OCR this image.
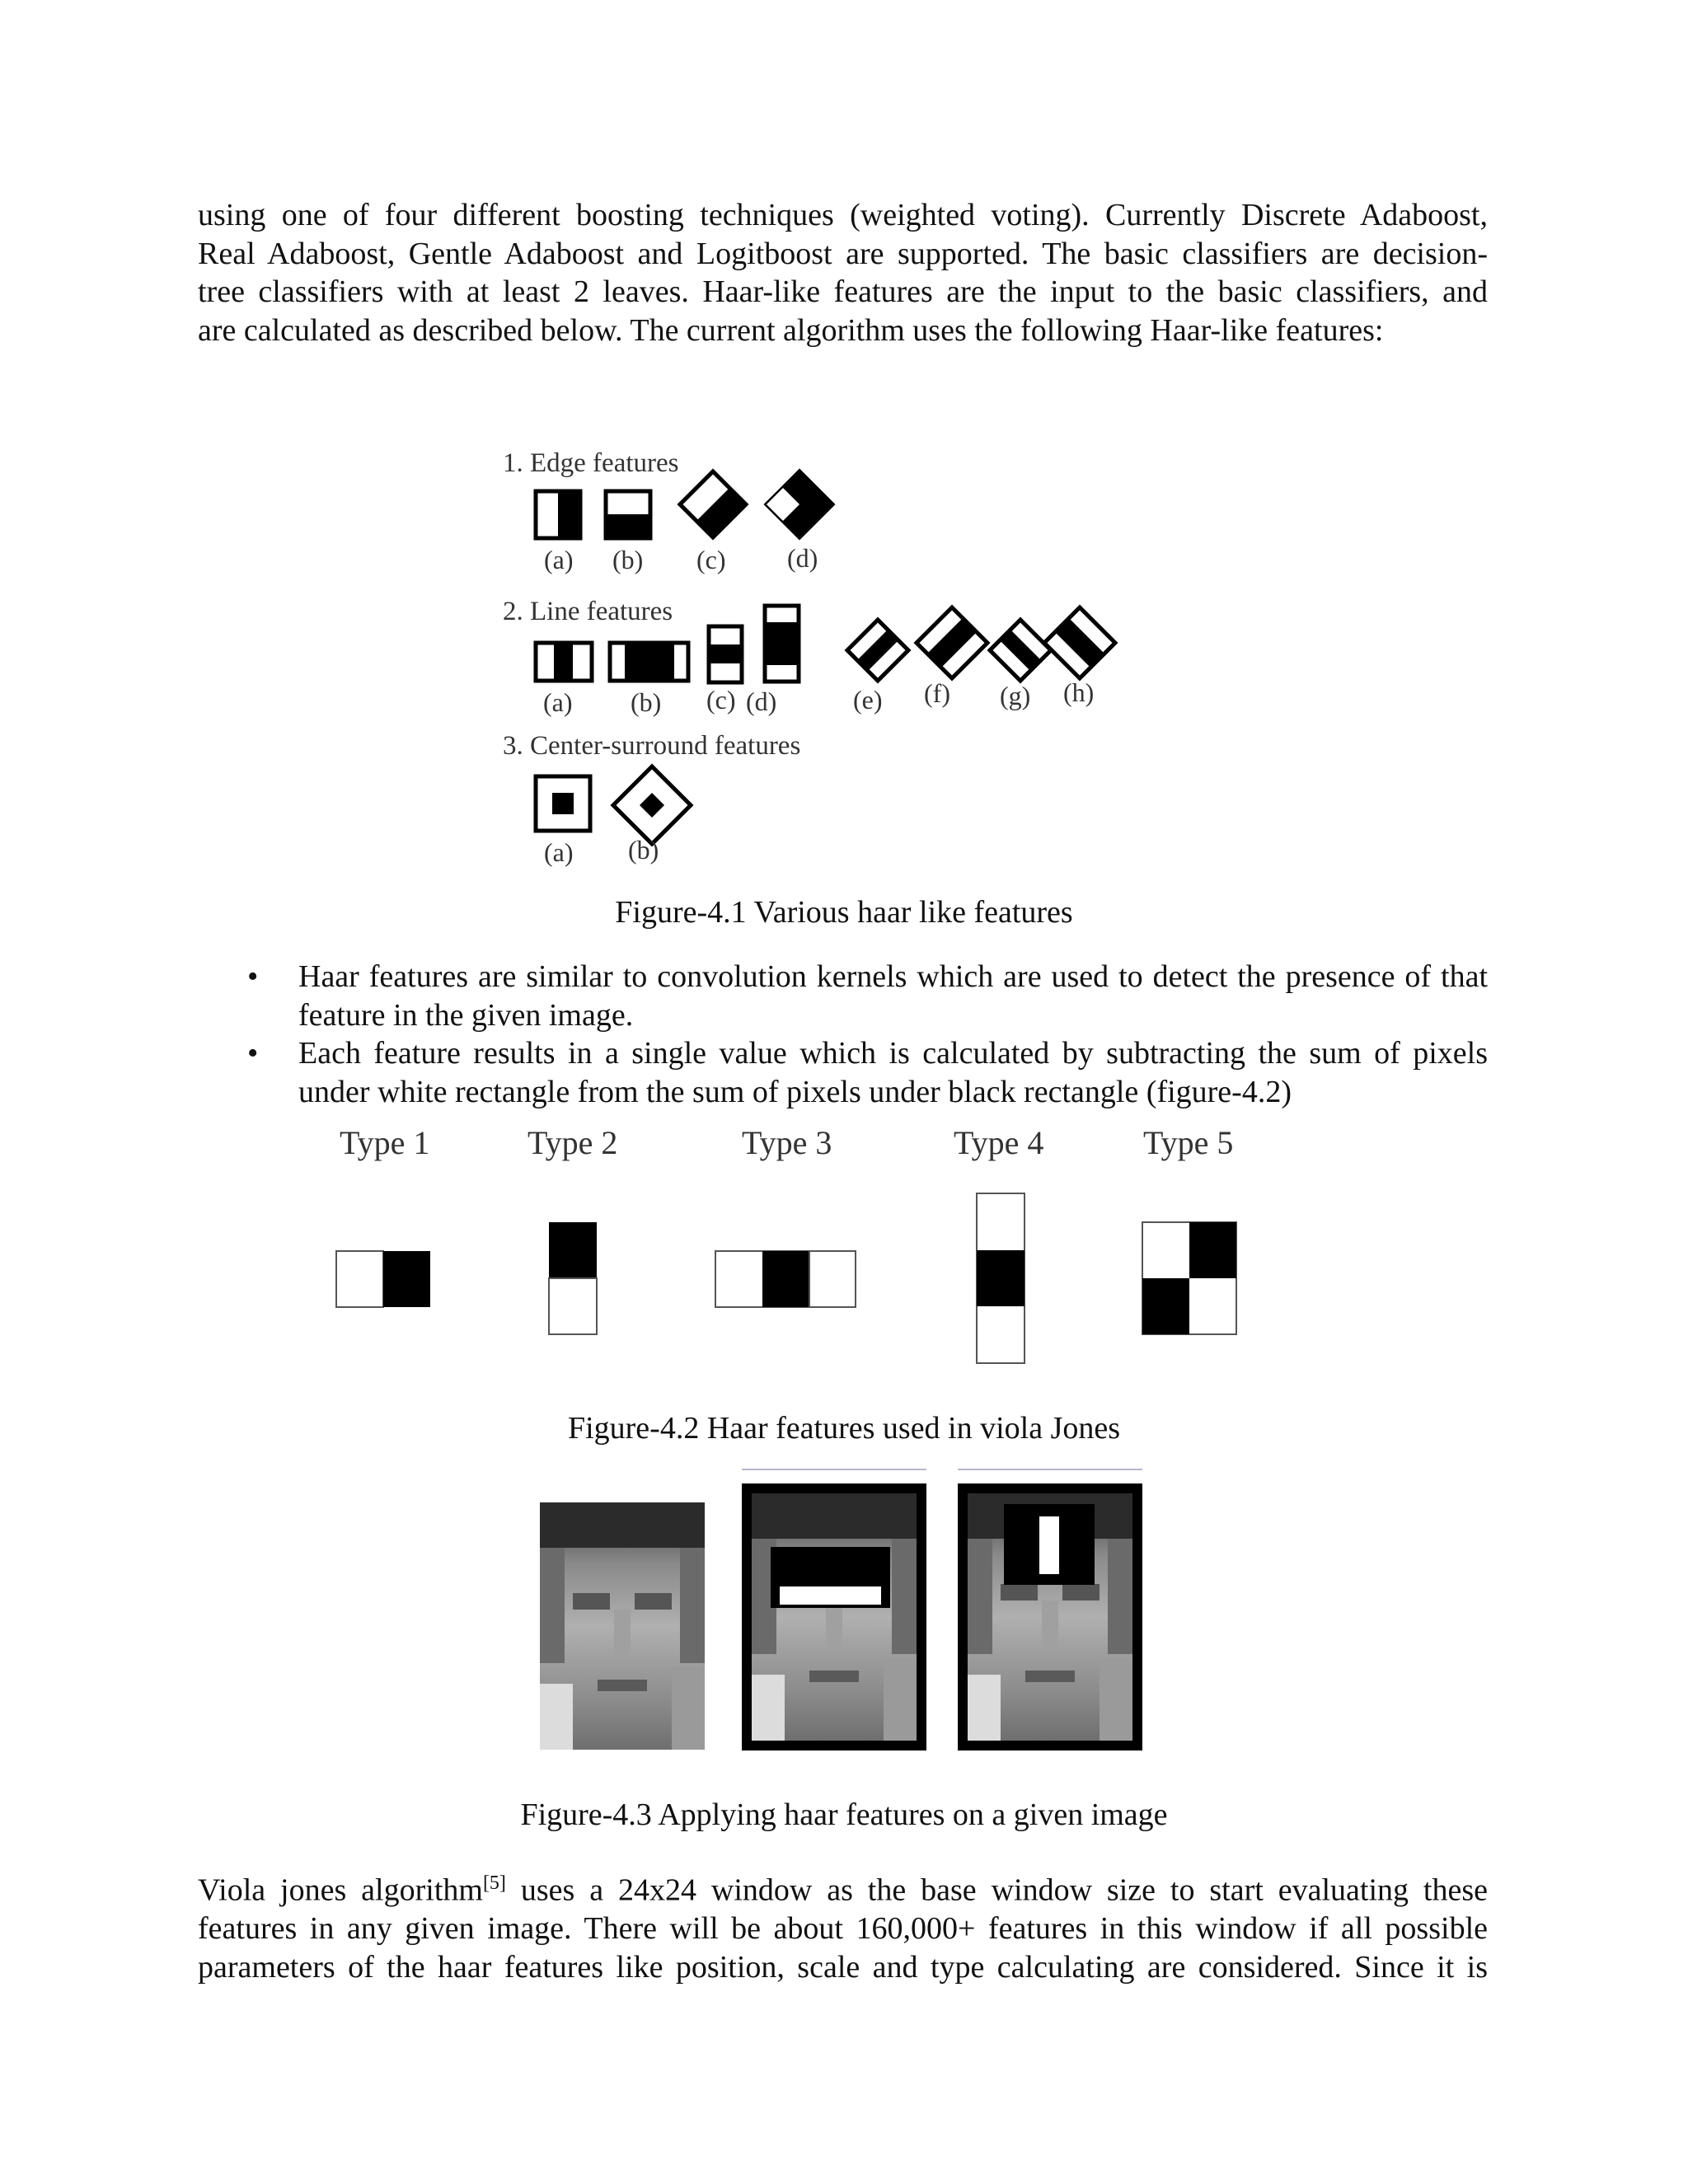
using one of four different boosting techniques (weighted voting). Currently Discrete Adaboost,
Real Adaboost, Gentle Adaboost and Logitboost are supported. The basic classifiers are decision-
tree classifiers with at least 2 leaves. Haar-like features are the input to the basic classifiers, and
are calculated as described below. The current algorithm uses the following Haar-like features:
1. Edge features
(a) (b) (c) (d)
2. Line features
(a) (b) (c) (d)	(e) (f) (g) (h)
3. Center-surround features
(a) (b)
Figure-4.1 Various haar like features
• Haar features are similar to convolution kernels which are used to detect the presence of that feature in the given image.
• Each feature results in a single value which is calculated by subtracting the sum of pixels under white rectangle from the sum of pixels under black rectangle (figure-4.2)
Type 1	Type 2	Type 3	Type 4	Type 5
Figure-4.2 Haar features used in viola Jones
Figure-4.3 Applying haar features on a given image
Viola jones algorithm[5] uses a 24x24 window as the base window size to start evaluating these
features in any given image. There will be about 160,000+ features in this window if all possible
parameters of the haar features like position, scale and type calculating are considered. Since it is
